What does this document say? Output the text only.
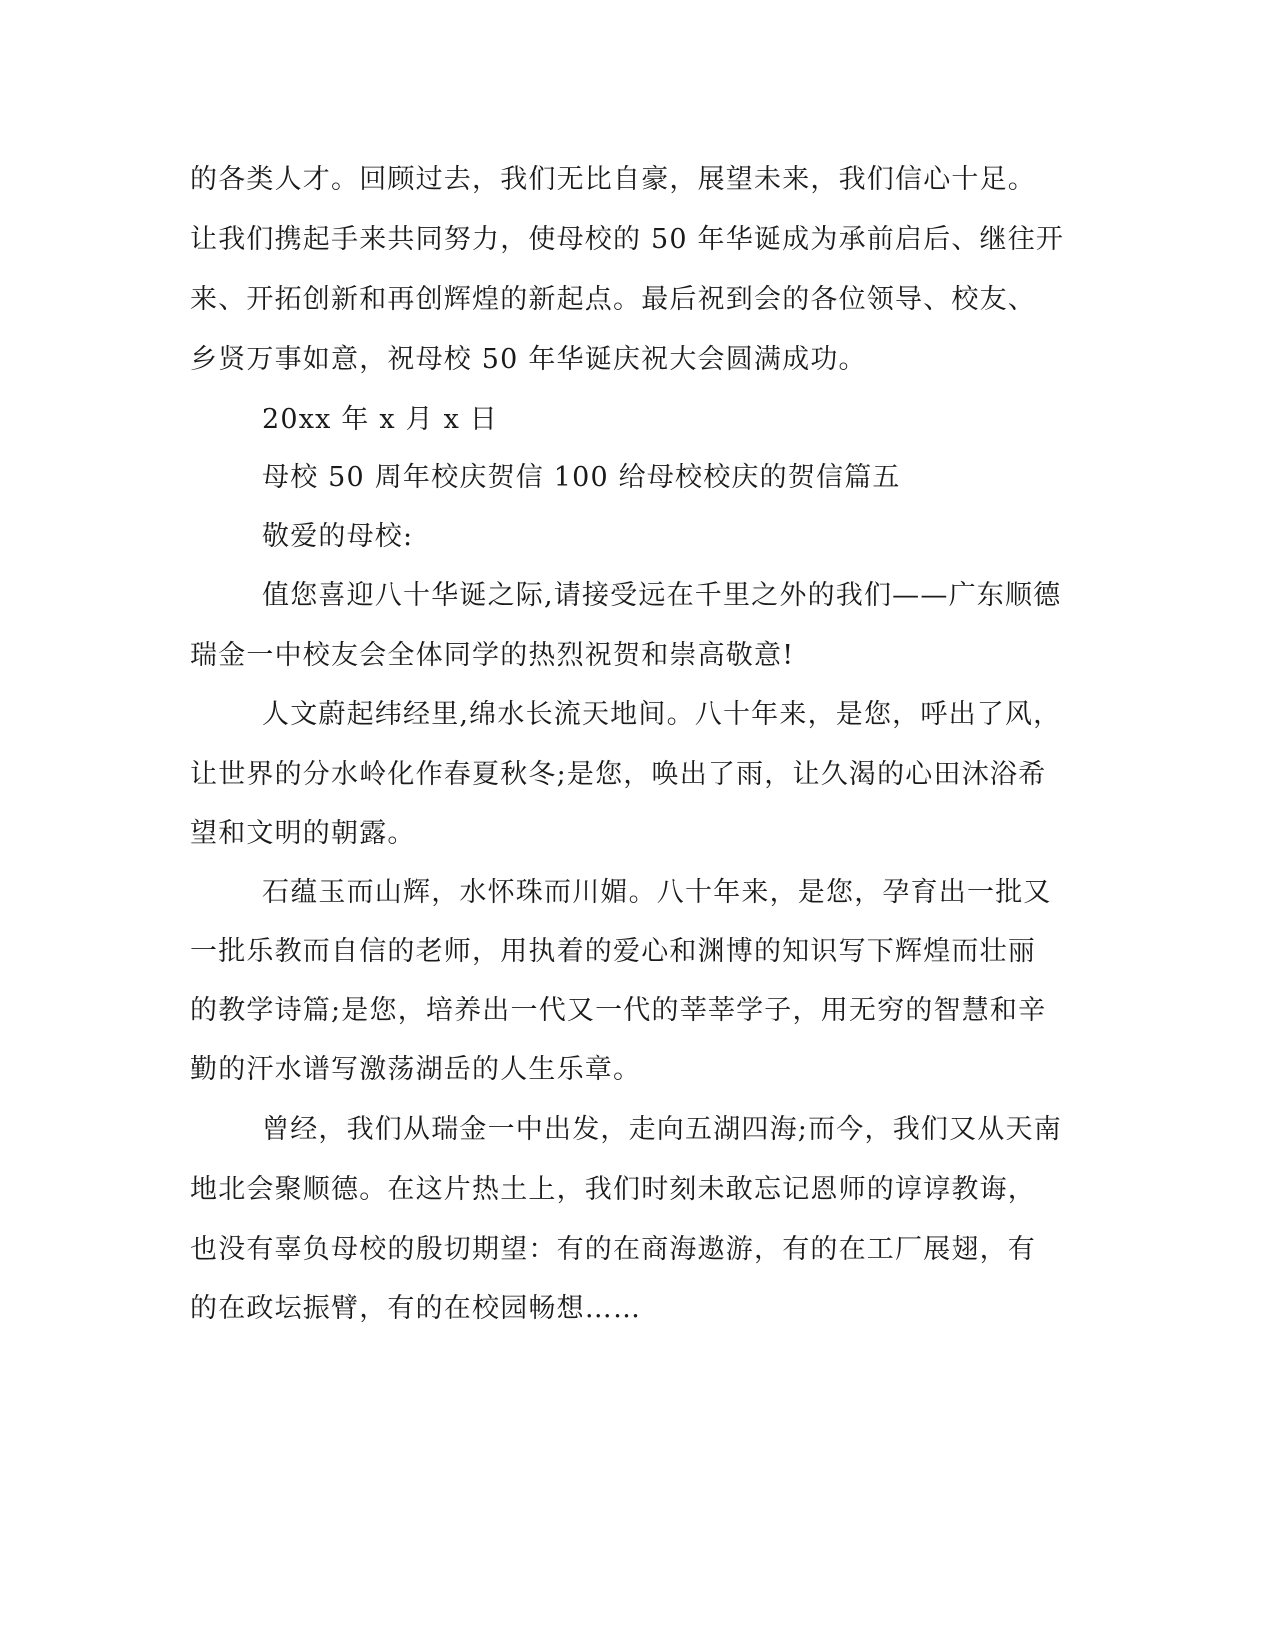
的各类人才。回顾过去，我们无比自豪，展望未来，我们信心十足。
让我们携起手来共同努力，使母校的 50 年华诞成为承前启后、继往开
来、开拓创新和再创辉煌的新起点。最后祝到会的各位领导、校友、
乡贤万事如意，祝母校 50 年华诞庆祝大会圆满成功。
20xx 年 x 月 x 日
母校 50 周年校庆贺信 100 给母校校庆的贺信篇五
敬爱的母校:
值您喜迎八十华诞之际,请接受远在千里之外的我们——广东顺德
瑞金一中校友会全体同学的热烈祝贺和崇高敬意!
人文蔚起纬经里,绵水长流天地间。八十年来，是您，呼出了风，
让世界的分水岭化作春夏秋冬;是您，唤出了雨，让久渴的心田沐浴希
望和文明的朝露。
石蕴玉而山辉，水怀珠而川媚。八十年来，是您，孕育出一批又
一批乐教而自信的老师，用执着的爱心和渊博的知识写下辉煌而壮丽
的教学诗篇;是您，培养出一代又一代的莘莘学子，用无穷的智慧和辛
勤的汗水谱写激荡湖岳的人生乐章。
曾经，我们从瑞金一中出发，走向五湖四海;而今，我们又从天南
地北会聚顺德。在这片热土上，我们时刻未敢忘记恩师的谆谆教诲，
也没有辜负母校的殷切期望：有的在商海遨游，有的在工厂展翅，有
的在政坛振臂，有的在校园畅想……
